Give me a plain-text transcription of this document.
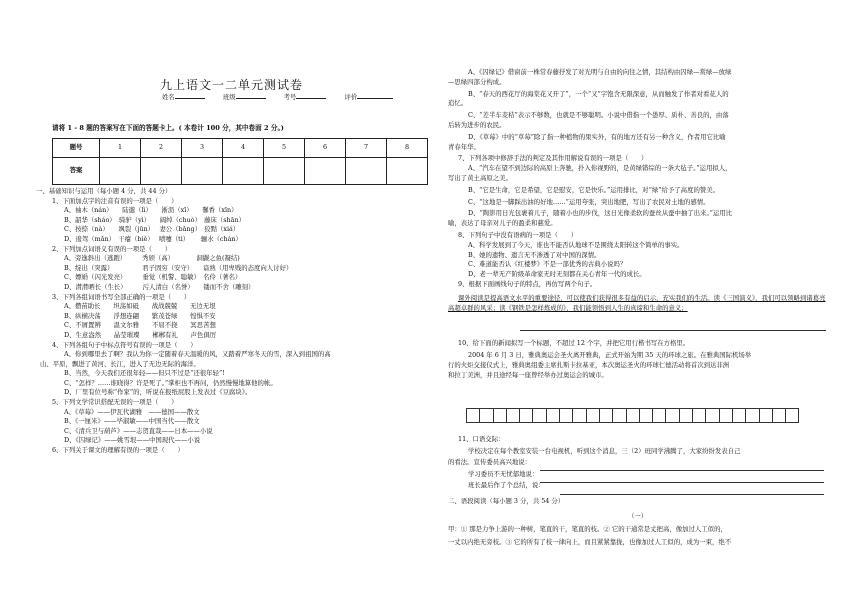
九上语文一二单元测试卷
姓名	班级	考号	评价
请将 1 - 8 题的答案写在下面的答题卡上。( 本卷计 100 分，其中卷面 2 分。)
题号	1	2	3	4	5	6	7	8
答案								

一、基础知识与运用（每小题 4 分，共 44 分）

1、下面加点字的注音有误的一项是（　　）

A、袖木（nán）　　陆邈（lì）　　淅沥（xī）　　馨香（xīn）

B、韶华（sháo）　骑驴（yì）　　阔绰（chuò）　藤床（shān）

C、按捺（nà）　　飒裂（jūn）　 妻公（bǎng）　狡黠（xiá）

D、逡驾（mǎn）　干瘪（biě）　 喷嚏（tì）　　 骊水（chán）

2、下列加点词语义有误的一项是（　　）

A、旁逸斜出（逃跑）　　　秀颀（高）　　　　洞鼹之鱼(凝结)

B、绽出（突露）　　　　　君子固穷（安守）　　谙熟（用卑贱的态度向人讨好）

C、嫖婚（闪光发亮）　　　垂觉（机警、聪敏）　名伶（著名）

D、潸潸晒长（生长）　　　污人清白（名誉）　　镂而不舍（雕刻）

3、下列各组词语书写全部正确的一项是（　　）

A、攒苗助长　　坦荡如砥　　战战兢兢　　无边无垠

B、纵横决荡　　浮想连翩　　繁茂苍绿　　惶惧不安

C、不屑置辨　　温文尔雅　　不屈不挠　　冥思苦想

D、生意盎然　　晶莹璀璨　　郴郴有礼　　声色俱厉

4、下列各组句子中标点符号有误的一项是（　　）

A、你到哪里去了啊？我认为你一定随着春天温暖的风，又踏着严寒冬天的雪，深入到祖国的高

山、平原，飘进了黄河、长江，进入了无边无际的海洋。

B、当然，今天我们还很年轻——但只不过是“还很年轻”!

C、“怎样？……谁晓得？许是死了。”掌柜也不再问，仍然慢慢地算他的帐。

D、厂里有位号称“作家”的，听说在报纸屁股上发表过《豆腐块》。

5、下列文学常识搭配无误的一项是（　　）

A、《草莓》——伊瓦代湖雅　——德国——散文

B、《一厘米》——毕淑敏——中国当代——散文

C、《清兵卫与葫芦》——志贺直哉——日本——小说

D、《囚绿记》——姚雪垠——中国现代——小说

6、下列关于课文的理解有误的一项是（　　）

A、《囚绿记》借窗前一株常春藤抒发了对光明与自由的向往之情，其结构由囚绿—赏绿—放绿

—思绿四部分构成。

B、“春天的西花厅的海棠花又开了”，一个“又”字饱含无限深意，从而触发了作者对看花人的

追忆。

C、“差半车麦秸”表示不够数，也就是不够聪明。小说中借指一个愚厚、质朴、善良的，由落

后转为进步的农民。

D、《草莓》中的“草莓”除了指一种植物的果实外，有的地方还有另一种含义，作者用它比喻

青春年华。

7、下列各项中修辞手法的判定及其作用解说有误的一项是（　　）

A、“汽车在望不到边际的高原上奔驰，扑入你视野的，是黄绿错综的一条大毡子。”运用拟人，

写出了黄土高原之美。

B、“它是生命，它是希望，它是慰安，它是快乐。”运用排比，对“绿”给予了高度的赞美。

C、“这地是一脚踩出油的好地……”运用夸张，突出地肥，写出了农民对土地的感情。

D、“陶影用日光包裹着儿子，随着小也的步伐，这日光像柔软的蚕丝从蚕中抽了出来。”运用比

喻，表达了母亲对儿子的盈柔和慈爱。

8、下列句子中没有语病的一项是（　　）

A、科学发展到了今天，谁也不能否认地球不是围绕太阳转这个简单的事实。

B、她的遗物、遗言无不渗透了对中国的深情。

C、难道能否认《红楼梦》不是一部优秀的古典小说吗？

D、老一辈无产阶级革命家无时无刻都在关心青年一代的成长。

9、根据下面画线句子的特点，再仿写两个句子。

课外阅读是提高语文水平的重要途径，可以使我们获得很多有益的启示，充实我们的生活。读《三国演义》，我们可以领略到诸葛亮高超卓群的风采；读《钢铁是怎样炼成的》，我们能领悟到人生的真谛和生命的意义；

10、给下面的新闻拟写一个标题，不超过 12 个字，并把它用行楷书写在方格里。

2004 年 6 月 3 日，雅典奥运会圣火离开雅典，正式开始为期 35 天的环球之旅。在雅典国际机场举

行的火炬交接仪式上，雅典奥组委主席扎斯卡拉基亚，本次奥运圣火的环球仁德活动将首次到达非洲

和拉丁美洲，并且途经每一座曾经举办过奥运会的城市。

11、口语交际：

学校决定在每个教室安装一台电视机，听到这个消息，三（2）班同学沸腾了，大家纷纷发表自己

的看法。宣传委员高兴地说：

学习委员不无忧郁地说：

班长最后作了个总结，说：

二、语段阅读（每小题 3 分，共 54 分）

（一）

甲：① 那是力争上游的一种树，笔直的干，笔直的枝。② 它的干通常是丈把高，像加过人工似的，

一丈以内绝无旁枝。③ 它的所有了枝一律向上，而且紧紧靠拢，也像加过人工似的，成为一束，绝不
